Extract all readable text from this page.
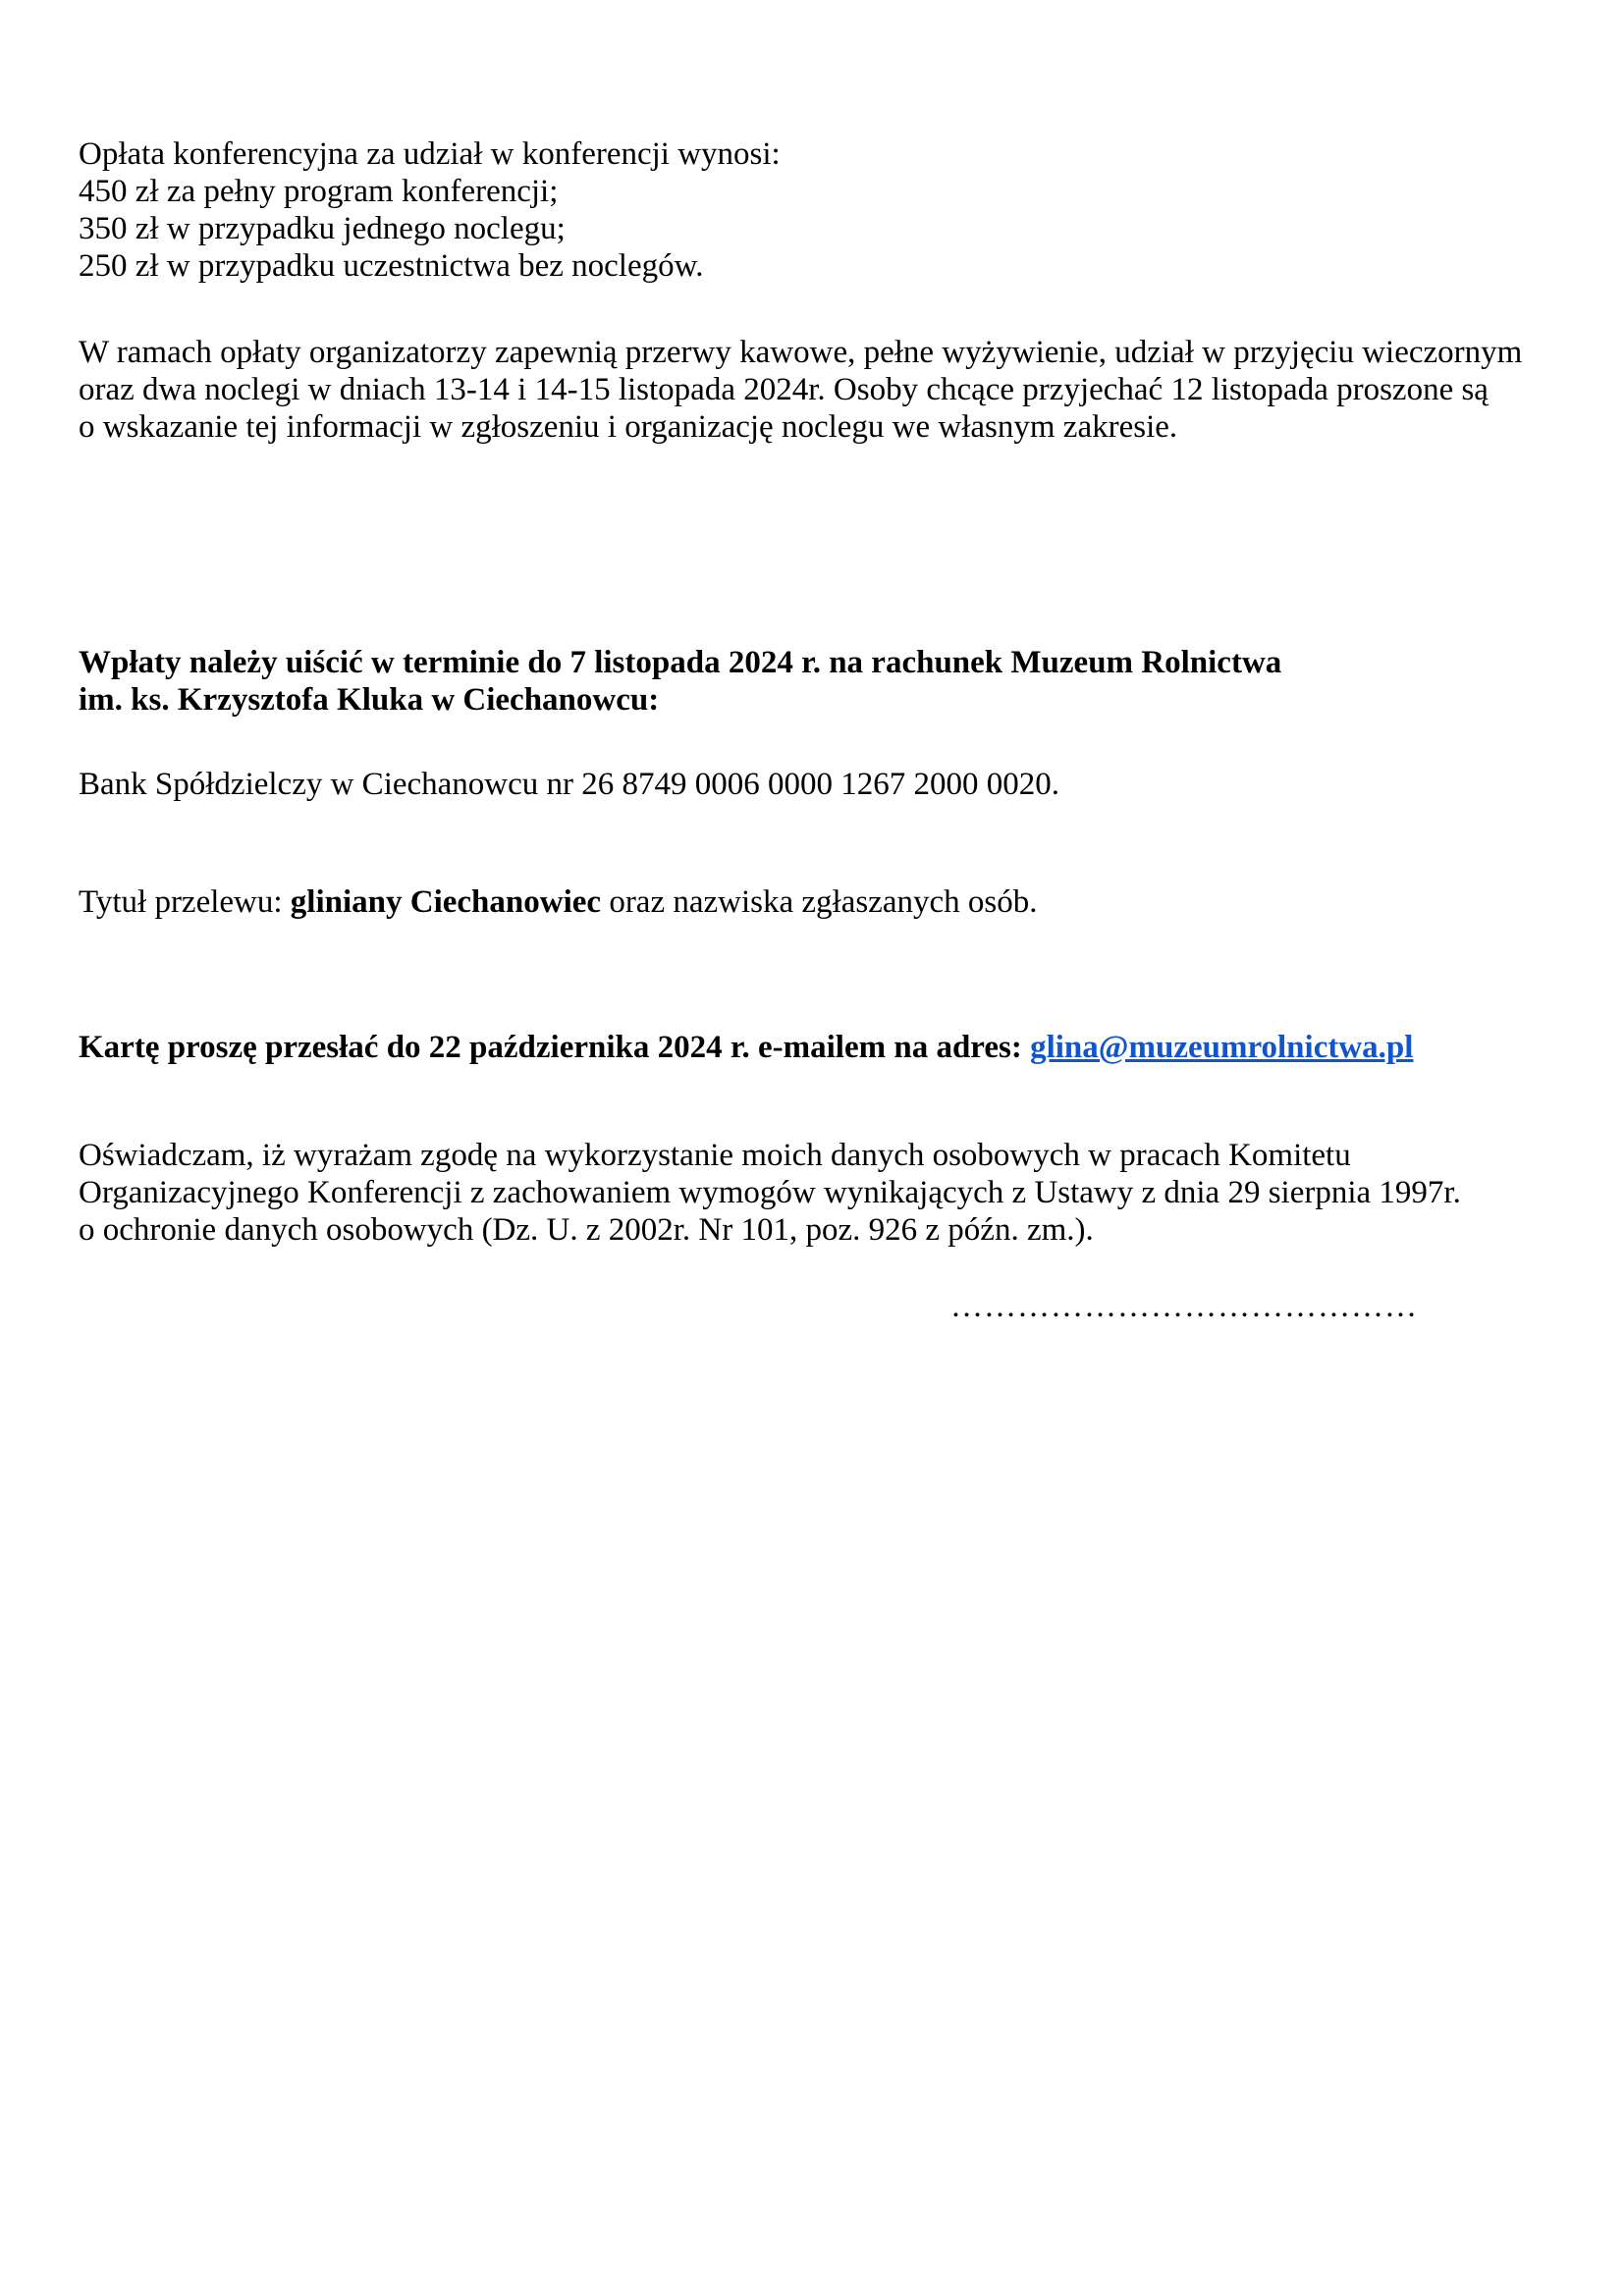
Opłata konferencyjna za udział w konferencji wynosi:

450 zł za pełny program konferencji;

350 zł w przypadku jednego noclegu;

250 zł w przypadku uczestnictwa bez noclegów.

W ramach opłaty organizatorzy zapewnią przerwy kawowe, pełne wyżywienie, udział w przyjęciu wieczornym
oraz dwa noclegi w dniach 13-14 i 14-15 listopada 2024r. Osoby chcące przyjechać 12 listopada proszone są
o wskazanie tej informacji w zgłoszeniu i organizację noclegu we własnym zakresie.

Wpłaty należy uiścić w terminie do 7 listopada 2024 r. na rachunek Muzeum Rolnictwa
im. ks. Krzysztofa Kluka w Ciechanowcu:

Bank Spółdzielczy w Ciechanowcu nr 26 8749 0006 0000 1267 2000 0020.

Tytuł przelewu: gliniany Ciechanowiec oraz nazwiska zgłaszanych osób.

Kartę proszę przesłać do 22 października 2024 r. e-mailem na adres: glina@muzeumrolnictwa.pl

Oświadczam, iż wyrażam zgodę na wykorzystanie moich danych osobowych w pracach Komitetu
Organizacyjnego Konferencji z zachowaniem wymogów wynikających z Ustawy z dnia 29 sierpnia 1997r.
o ochronie danych osobowych (Dz. U. z 2002r. Nr 101, poz. 926 z późn. zm.).

……………………………………
